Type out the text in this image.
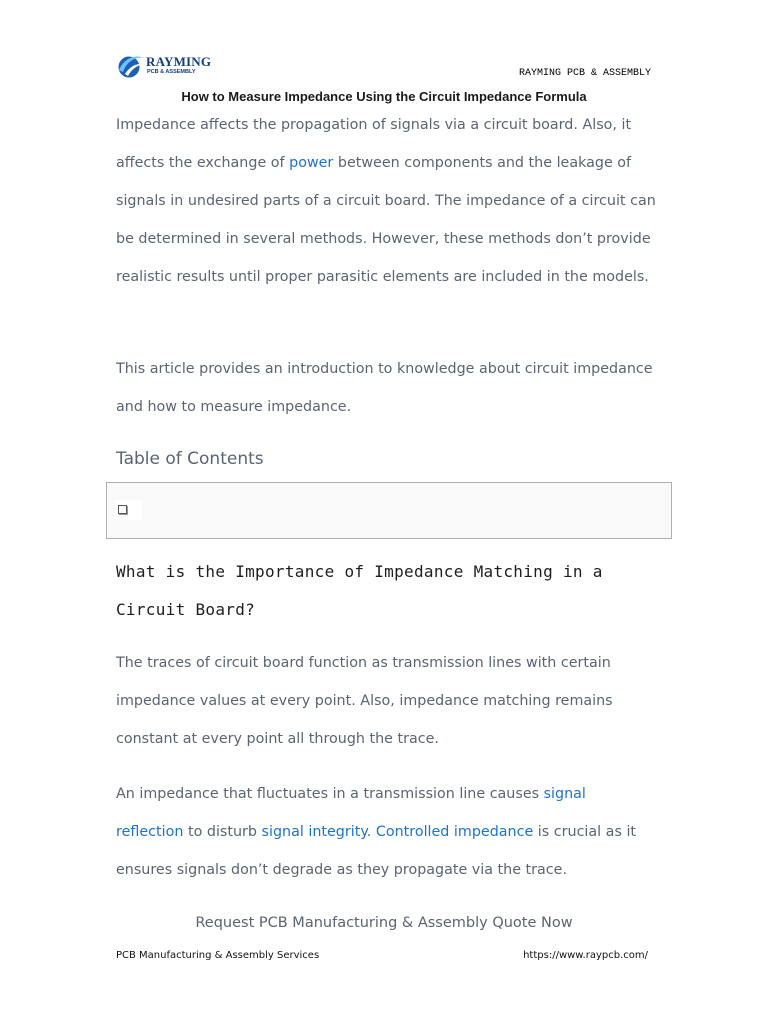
RAYMING
PCB & ASSEMBLY	RAYMING PCB & ASSEMBLY
How to Measure Impedance Using the Circuit Impedance Formula

Impedance affects the propagation of signals via a circuit board. Also, it affects the exchange of power between components and the leakage of signals in undesired parts of a circuit board. The impedance of a circuit can be determined in several methods. However, these methods don’t provide realistic results until proper parasitic elements are included in the models.

This article provides an introduction to knowledge about circuit impedance and how to measure impedance.

Table of Contents
What is the Importance of Impedance Matching in a Circuit Board?

The traces of circuit board function as transmission lines with certain impedance values at every point. Also, impedance matching remains constant at every point all through the trace.

An impedance that fluctuates in a transmission line causes signal reflection to disturb signal integrity. Controlled impedance is crucial as it ensures signals don’t degrade as they propagate via the trace.

Request PCB Manufacturing & Assembly Quote Now

PCB Manufacturing & Assembly Services	https://www.raypcb.com/
